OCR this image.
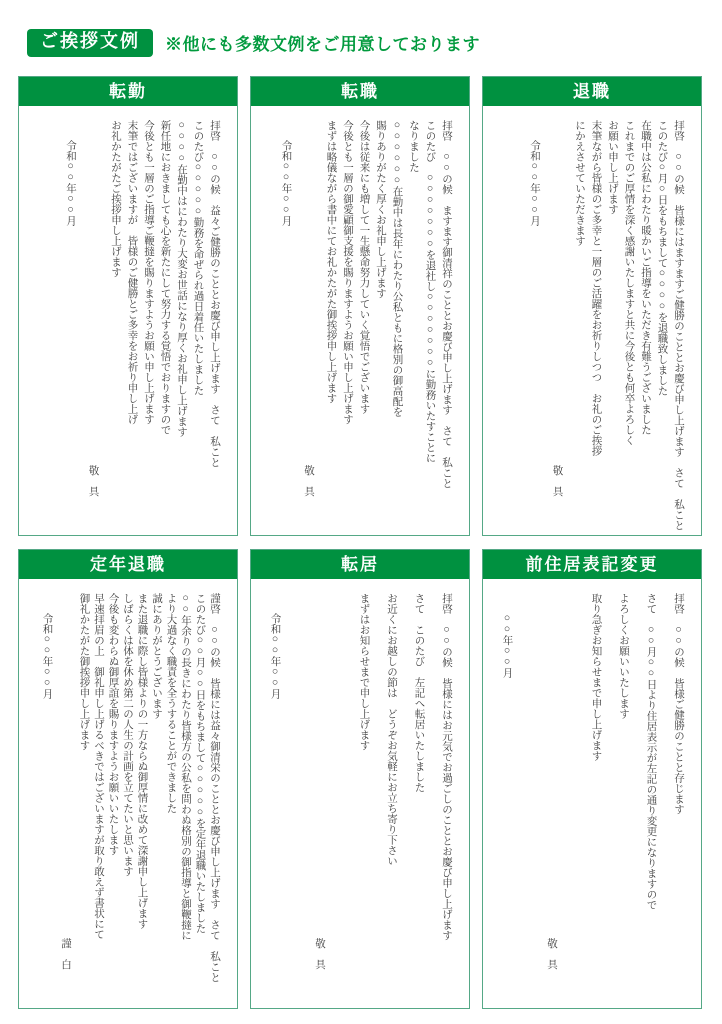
ご挨拶文例	※他にも多数文例をご用意しております
転勤

拝啓　○○の候　益々ご健勝のこととお慶び申し上げます　さて　私こと

このたび○○○○○勤務を命ぜられ過日着任いたしました

○○○○在勤中はにわたり大変お世話になり厚くお礼申し上げます

新任地におきましても心を新たにして努力する覚悟でおりますので

今後とも一層のご指導ご鞭撻を賜りますようお願い申し上げます

末筆ではございますが　皆様のご健勝とご多幸をお祈り申し上げ

お礼かたがたご挨拶申し上げます

敬　具

令和○○年○○月

転職

拝啓　○○の候　ますます御清祥のこととお慶び申し上げます　さて　私こと

このたび　○○○○○○○を退社し○○○○○○○に勤務いたすことに

なりました

○○○○○○在勤中は長年にわたり公私ともに格別の御高配を

賜りありがたく厚くお礼申し上げます

今後は従来にも増して一生懸命努力していく覚悟でございます

今後とも一層の御愛顧御支援を賜りますようお願い申し上げます

まずは略儀ながら書中にてお礼かたがた御挨拶申し上げます

敬　具

令和○○年○○月

退職

拝啓　○○の候　皆様にはますますご健勝のこととお慶び申し上げます　さて　私こと

このたび○月○日をもちまして○○○○を退職致しました

在職中は公私にわたり暖かいご指導をいただき有難うございました

これまでのご厚情を深く感謝いたしますと共に今後とも何卒よろしく

お願い申し上げます

末筆ながら皆様のご多幸と一層のご活躍をお祈りしつつ　お礼のご挨拶

にかえさせていただきます

敬　具

令和○○年○○月

定年退職

謹啓　○○の候　皆様には益々御清栄のこととお慶び申し上げます　さて　私こと

このたび○○月○○日をもちまして○○○○○を定年退職いたしました

○○年余りの長きにわたり皆様方の公私を問わぬ格別の御指導と御鞭撻に

より大過なく職責を全うすることができました

誠にありがとうございます

また退職に際し皆様よりの一方ならぬ御厚情に改めて深謝申し上げます

しばらくは体を休め第二の人生の計画を立てたいと思います

今後も変わらぬ御厚誼を賜りますようお願いいたします

早速拝眉の上　御礼申し上げるべきではございますが取り敢えず書状にて

御礼かたがた御挨拶申し上げます

謹　白

令和○○年○○月

転居

拝啓　○○の候　皆様にはお元気でお過ごしのこととお慶び申し上げます

さて　このたび　左記へ転居いたしました

お近くにお越しの節は　どうぞお気軽にお立ち寄り下さい

まずはお知らせまで申し上げます

敬　具

令和○○年○○月

前住居表記変更

拝啓　○○の候　皆様ご健勝のことと存じます

さて　○○月○○日より住居表示が左記の通り変更になりますので

よろしくお願いいたします

取り急ぎお知らせまで申し上げます

敬　具

○○年○○月
